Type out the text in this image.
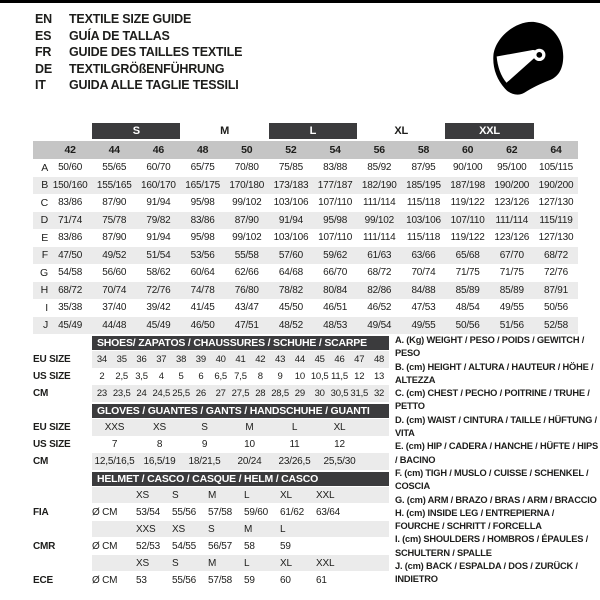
EN	TEXTILE SIZE GUIDE
ES	GUÍA DE TALLAS
FR	GUIDE DES TAILLES TEXTILE
DE	TEXTILGRÖßENFÜHRUNG
IT	GUIDA ALLE TAGLIE TESSILI
S	M	L	XL	XXL
42	44	46	48	50	52	54	56	58	60	62	64
A	50/60	55/65	60/70	65/75	70/80	75/85	83/88	85/92	87/95	90/100	95/100	105/115
B 150/160 155/165 160/170 165/175 170/180 173/183 177/187 182/190 185/195 187/198 190/200 190/200
C	83/86	87/90	91/94	95/98	99/102	103/106 107/110	111/114	115/118	119/122 123/126 127/130
D	71/74	75/78	79/82	83/86	87/90	91/94	95/98	99/102	103/106 107/110	111/114	115/119
E	83/86	87/90	91/94	95/98	99/102	103/106 107/110	111/114	115/118	119/122 123/126 127/130
F	47/50	49/52	51/54	53/56	55/58	57/60	59/62	61/63	63/66	65/68	67/70	68/72
G	54/58	56/60	58/62	60/64	62/66	64/68	66/70	68/72	70/74	71/75	71/75	72/76
H	68/72	70/74	72/76	74/78	76/80	78/82	80/84	82/86	84/88	85/89	85/89	87/91
I	35/38	37/40	39/42	41/45	43/47	45/50	46/51	46/52	47/53	48/54	49/55	50/56
J	45/49	44/48	45/49	46/50	47/51	48/52	48/53	49/54	49/55	50/56	51/56	52/58
SHOES/ ZAPATOS / CHAUSSURES / SCHUHE / SCARPE
EU SIZE	34	35	36	37	38	39	40	41	42	43	44	45	46	47	48
US SIZE	2	2,5 3,5	4	5	6	6,5 7,5	8	9	10 10,5 11,5 12	13
CM	23 23,5 24 24,5 25,5 26	27 27,5 28 28,5 29	30 30,5 31,5 32
GLOVES / GUANTES / GANTS / HANDSCHUHE / GUANTI
EU SIZE	XXS	XS	S	M	L	XL
US SIZE	7	8	9	10	11	12
CM	12,5/16,5 16,5/19	18/21,5	20/24	23/26,5	25,5/30
HELMET / CASCO / CASQUE / HELM / CASCO
XS	S	M	L	XL	XXL
FIA	Ø CM	53/54	55/56	57/58	59/60	61/62	63/64
XXS	XS	S	M	L
CMR	Ø CM	52/53	54/55	56/57	58	59
XS	S	M	L	XL	XXL
ECE	Ø CM	53	55/56	57/58	59	60	61
A. (Kg) WEIGHT / PESO / POIDS / GEWITCH / PESO
B. (cm) HEIGHT / ALTURA / HAUTEUR / HÖHE / ALTEZZA
C. (cm) CHEST / PECHO / POITRINE / TRUHE / PETTO
D. (cm) WAIST / CINTURA / TAILLE / HÜFTUNG / VITA
E. (cm) HIP / CADERA / HANCHE / HÜFTE / HIPS / BACINO
F. (cm) TIGH / MUSLO / CUISSE / SCHENKEL / COSCIA
G. (cm) ARM / BRAZO / BRAS / ARM / BRACCIO
H. (cm) INSIDE LEG / ENTREPIERNA / FOURCHE / SCHRITT / FORCELLA
I. (cm) SHOULDERS / HOMBROS / ÉPAULES / SCHULTERN / SPALLE
J. (cm) BACK / ESPALDA / DOS / ZURÜCK / INDIETRO
